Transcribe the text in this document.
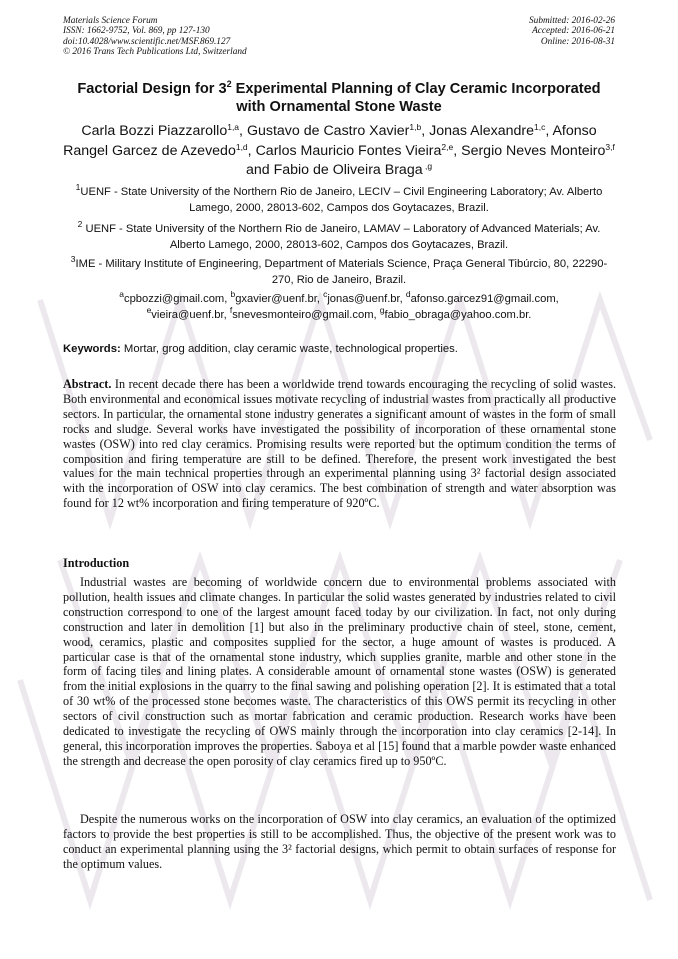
Materials Science Forum
ISSN: 1662-9752, Vol. 869, pp 127-130
doi:10.4028/www.scientific.net/MSF.869.127
© 2016 Trans Tech Publications Ltd, Switzerland
Submitted: 2016-02-26
Accepted: 2016-06-21
Online: 2016-08-31
Factorial Design for $3^2$ Experimental Planning of Clay Ceramic Incorporated with Ornamental Stone Waste
Carla Bozzi Piazzarollo$^{1,a}$, Gustavo de Castro Xavier$^{1,b}$, Jonas Alexandre$^{1,c}$, Afonso Rangel Garcez de Azevedo$^{1,d}$, Carlos Mauricio Fontes Vieira$^{2,e}$, Sergio Neves Monteiro$^{3,f}$ and Fabio de Oliveira Braga $^{,g}$
$^1$UENF - State University of the Northern Rio de Janeiro, LECIV – Civil Engineering Laboratory; Av. Alberto Lamego, 2000, 28013-602, Campos dos Goytacazes, Brazil.
$^2$ UENF - State University of the Northern Rio de Janeiro, LAMAV – Laboratory of Advanced Materials; Av. Alberto Lamego, 2000, 28013-602, Campos dos Goytacazes, Brazil.
$^3$IME - Military Institute of Engineering, Department of Materials Science, Praça General Tibúrcio, 80, 22290-270, Rio de Janeiro, Brazil.
$^a$cpbozzi@gmail.com, $^b$gxavier@uenf.br, $^c$jonas@uenf.br, $^d$afonso.garcez91@gmail.com,
$^e$vieira@uenf.br, $^f$snevesmonteiro@gmail.com, $^g$fabio_obraga@yahoo.com.br.
Keywords: Mortar, grog addition, clay ceramic waste, technological properties.
Abstract. In recent decade there has been a worldwide trend towards encouraging the recycling of solid wastes. Both environmental and economical issues motivate recycling of industrial wastes from practically all productive sectors. In particular, the ornamental stone industry generates a significant amount of wastes in the form of small rocks and sludge. Several works have investigated the possibility of incorporation of these ornamental stone wastes (OSW) into red clay ceramics. Promising results were reported but the optimum condition the terms of composition and firing temperature are still to be defined. Therefore, the present work investigated the best values for the main technical properties through an experimental planning using 3² factorial design associated with the incorporation of OSW into clay ceramics. The best combination of strength and water absorption was found for 12 wt% incorporation and firing temperature of 920ºC.
Introduction
Industrial wastes are becoming of worldwide concern due to environmental problems associated with pollution, health issues and climate changes. In particular the solid wastes generated by industries related to civil construction correspond to one of the largest amount faced today by our civilization. In fact, not only during construction and later in demolition [1] but also in the preliminary productive chain of steel, stone, cement, wood, ceramics, plastic and composites supplied for the sector, a huge amount of wastes is produced. A particular case is that of the ornamental stone industry, which supplies granite, marble and other stone in the form of facing tiles and lining plates. A considerable amount of ornamental stone wastes (OSW) is generated from the initial explosions in the quarry to the final sawing and polishing operation [2]. It is estimated that a total of 30 wt% of the processed stone becomes waste. The characteristics of this OWS permit its recycling in other sectors of civil construction such as mortar fabrication and ceramic production. Research works have been dedicated to investigate the recycling of OWS mainly through the incorporation into clay ceramics [2-14]. In general, this incorporation improves the properties. Saboya et al [15] found that a marble powder waste enhanced the strength and decrease the open porosity of clay ceramics fired up to 950ºC.
Despite the numerous works on the incorporation of OSW into clay ceramics, an evaluation of the optimized factors to provide the best properties is still to be accomplished. Thus, the objective of the present work was to conduct an experimental planning using the 3² factorial designs, which permit to obtain surfaces of response for the optimum values.
